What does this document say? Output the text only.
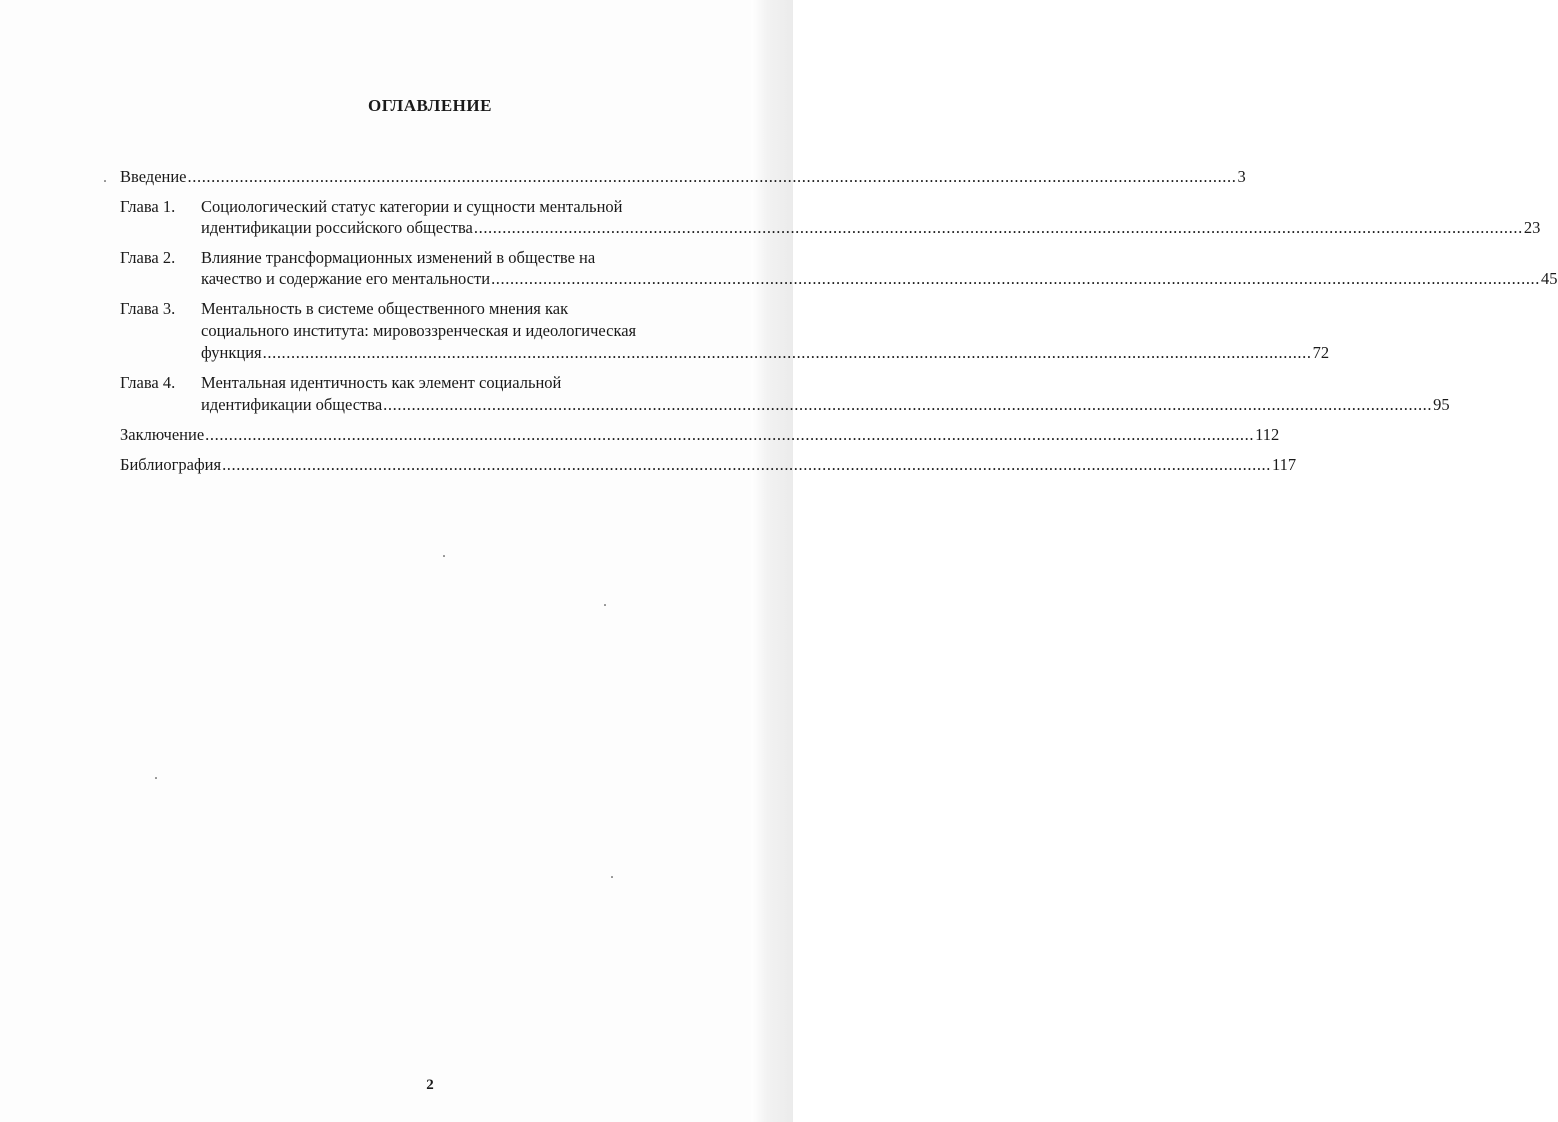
ОГЛАВЛЕНИЕ
Введение .............................................................................................................................................................................................................................. 3
Глава 1. Социологический статус категории и сущности ментальной
идентификации российского общества .............................................................................................................................................................................................................................. 23
Глава 2. Влияние трансформационных изменений в обществе на
качество и содержание его ментальности .............................................................................................................................................................................................................................. 45
Глава 3. Ментальность в системе общественного мнения как
социального института: мировоззренческая и идеологическая
функция .............................................................................................................................................................................................................................. 72
Глава 4. Ментальная идентичность как элемент социальной
идентификации общества .............................................................................................................................................................................................................................. 95
Заключение .............................................................................................................................................................................................................................. 112
Библиография .............................................................................................................................................................................................................................. 117
2
